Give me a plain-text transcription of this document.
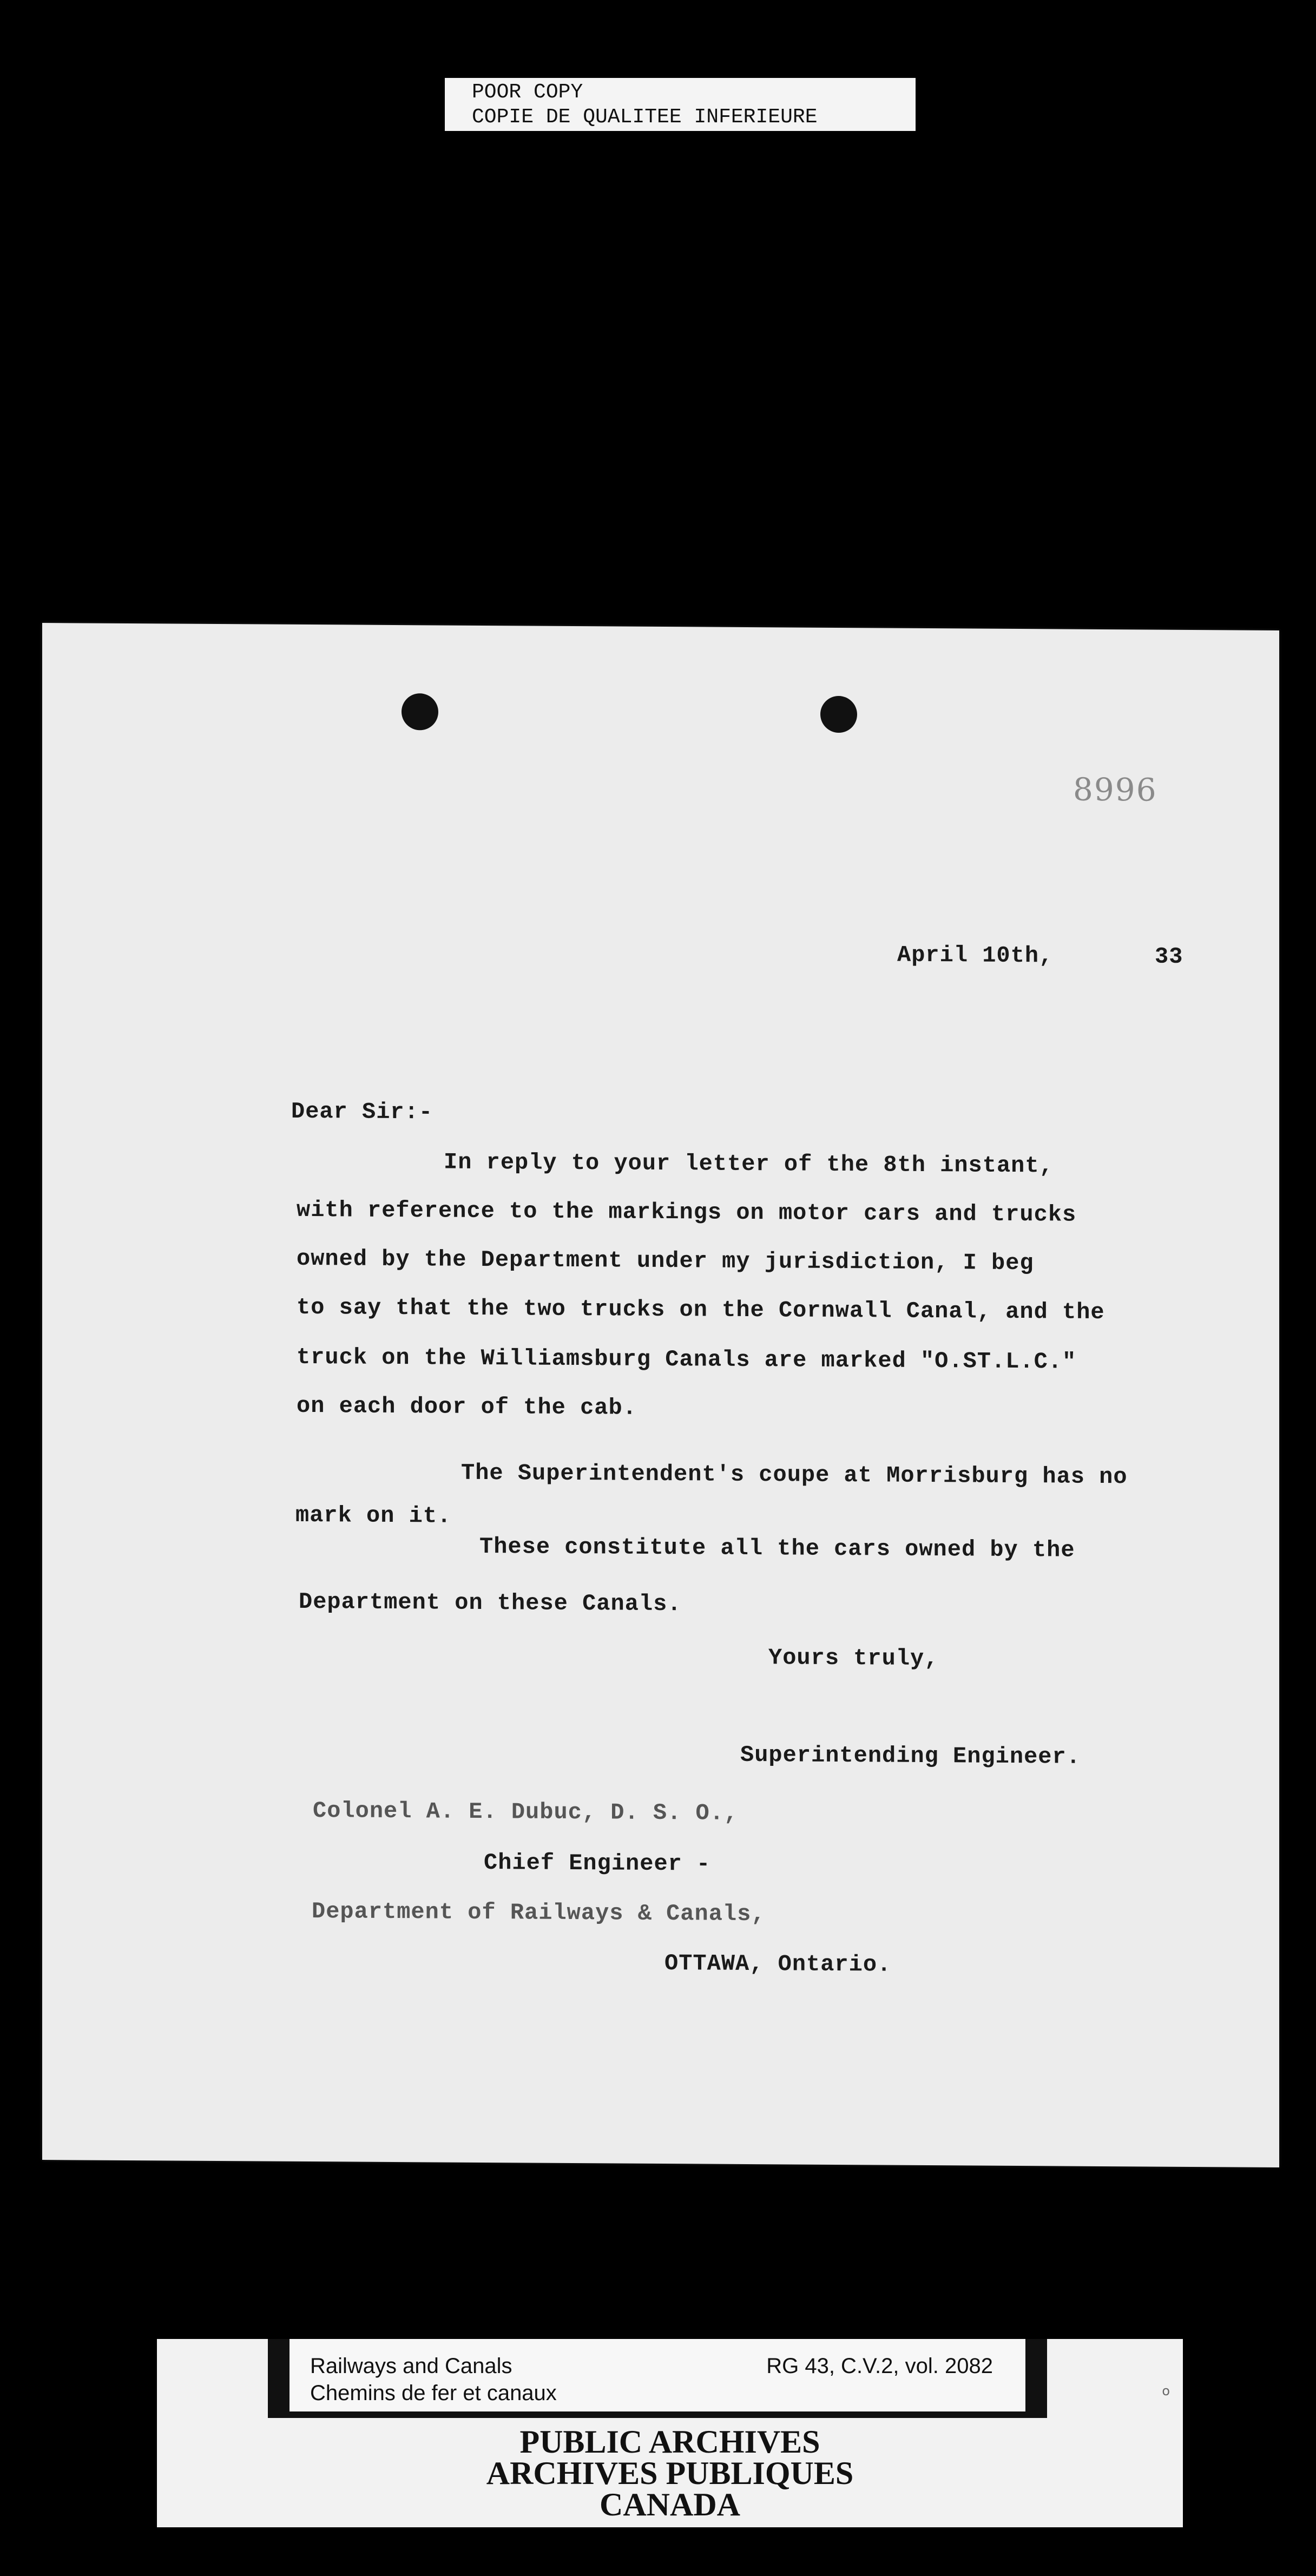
POOR COPY
COPIE DE QUALITEE INFERIEURE
8996
April 10th,	33
Dear Sir:-
In reply to your letter of the 8th instant,
with reference to the markings on motor cars and trucks
owned by the Department under my jurisdiction, I beg
to say that the two trucks on the Cornwall Canal, and the
truck on the Williamsburg Canals are marked "O.ST.L.C."
on each door of the cab.
The Superintendent's coupe at Morrisburg has no
mark on it.
These constitute all the cars owned by the
Department on these Canals.
Yours truly,
Superintending Engineer.
Colonel A. E. Dubuc, D. S. O.,
Chief Engineer -
Department of Railways & Canals,
OTTAWA, Ontario.
Railways and Canals
Chemins de fer et canaux
RG 43, C.V.2, vol. 2082
o
PUBLIC ARCHIVES
ARCHIVES PUBLIQUES
CANADA
